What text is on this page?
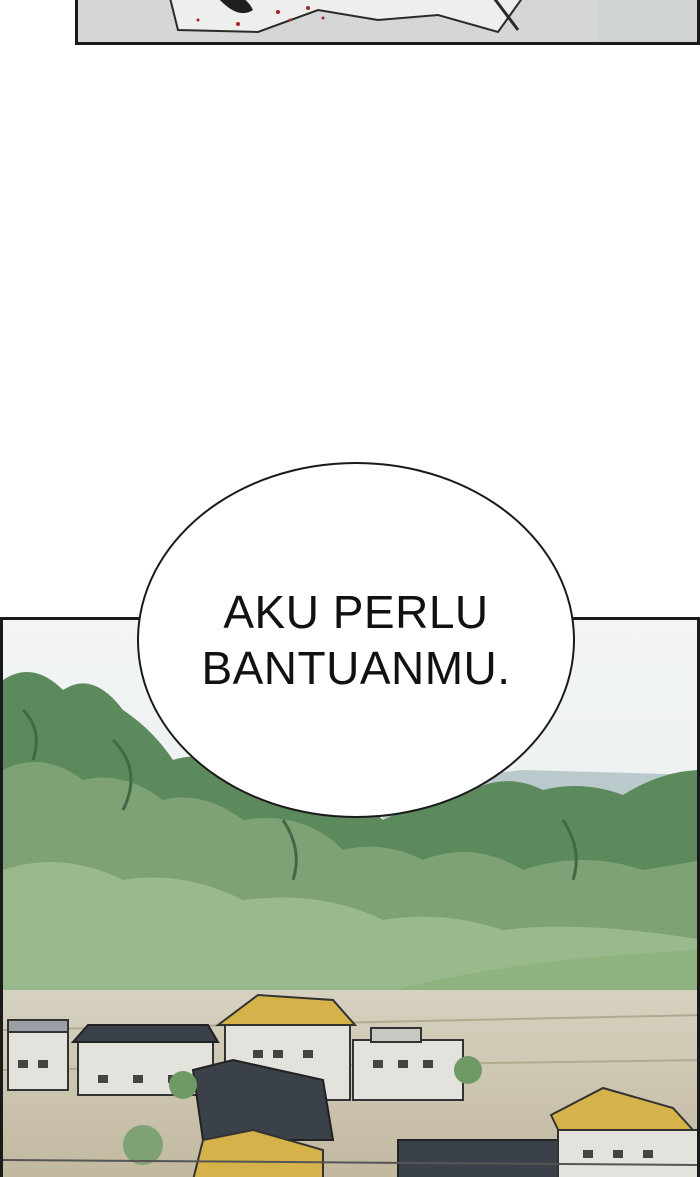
AKU PERLU
BANTUANMU.
